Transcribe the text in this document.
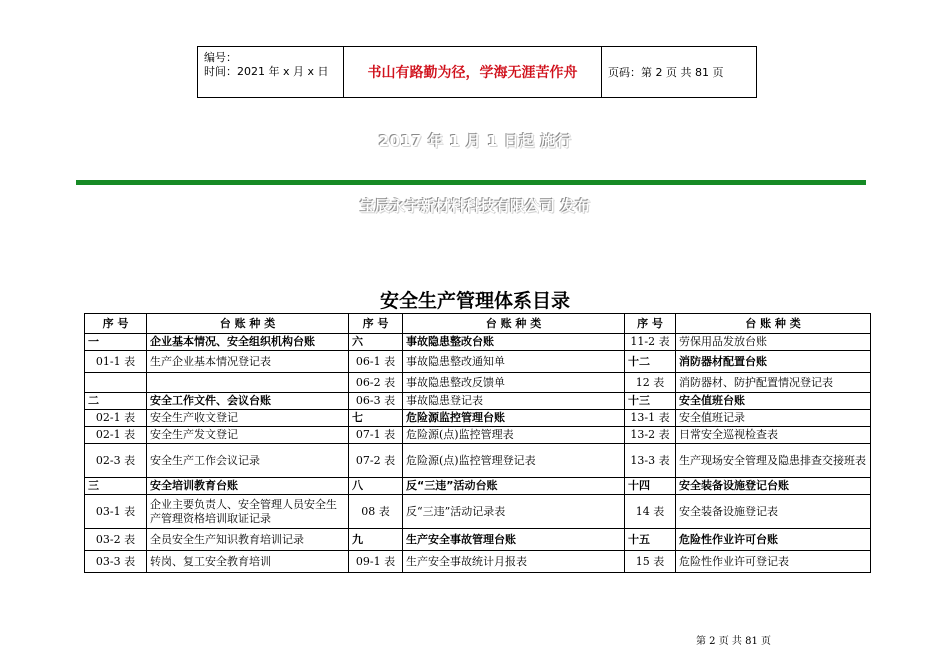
编号：
时间：2021 年 x 月 x 日	书山有路勤为径，学海无涯苦作舟	页码：第 2 页 共 81 页
2017 年 1 月 1 日起 施行
宝辰永宇新材料科技有限公司 发布
安全生产管理体系目录
序 号	台 账 种 类	序 号	台 账 种 类	序 号	台 账 种 类
一	企业基本情况、安全组织机构台账	六	事故隐患整改台账	11-2 表	劳保用品发放台账
01-1 表	生产企业基本情况登记表	06-1 表	事故隐患整改通知单	十二	消防器材配置台账
		06-2 表	事故隐患整改反馈单	12 表	消防器材、防护配置情况登记表
二	安全工作文件、会议台账	06-3 表	事故隐患登记表	十三	安全值班台账
02-1 表	安全生产收文登记	七	危险源监控管理台账	13-1 表	安全值班记录
02-1 表	安全生产发文登记	07-1 表	危险源(点)监控管理表	13-2 表	日常安全巡视检查表
02-3 表	安全生产工作会议记录	07-2 表	危险源(点)监控管理登记表	13-3 表	生产现场安全管理及隐患排查交接班表
三	安全培训教育台账	八	反“三违”活动台账	十四	安全装备设施登记台账
03-1 表	企业主要负责人、安全管理人员安全生产管理资格培训取证记录	08 表	反“三违”活动记录表	14 表	安全装备设施登记表
03-2 表	全员安全生产知识教育培训记录	九	生产安全事故管理台账	十五	危险性作业许可台账
03-3 表	转岗、复工安全教育培训	09-1 表	生产安全事故统计月报表	15 表	危险性作业许可登记表
第 2 页 共 81 页
